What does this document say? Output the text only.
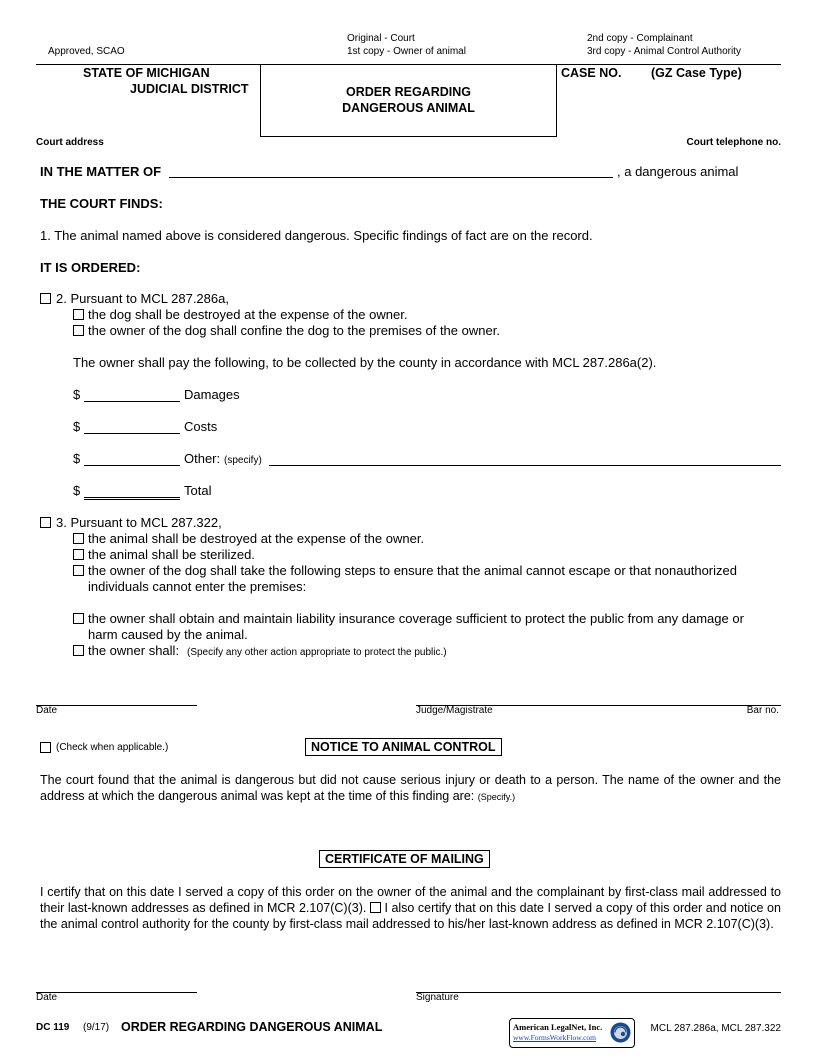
Approved, SCAO
Original - Court
1st copy - Owner of animal
2nd copy - Complainant
3rd copy - Animal Control Authority
STATE OF MICHIGAN
JUDICIAL DISTRICT	ORDER REGARDING
DANGEROUS ANIMAL
CASE NO. (GZ Case Type)
Court address	Court telephone no.
IN THE MATTER OF	, a dangerous animal
THE COURT FINDS:
1. The animal named above is considered dangerous. Specific findings of fact are on the record.
IT IS ORDERED:
2. Pursuant to MCL 287.286a,
the dog shall be destroyed at the expense of the owner.
the owner of the dog shall confine the dog to the premises of the owner.
The owner shall pay the following, to be collected by the county in accordance with MCL 287.286a(2).
$	Damages
$	Costs
$	Other: (specify)
$	Total
3. Pursuant to MCL 287.322,
the animal shall be destroyed at the expense of the owner.
the animal shall be sterilized.
the owner of the dog shall take the following steps to ensure that the animal cannot escape or that nonauthorized
individuals cannot enter the premises:
the owner shall obtain and maintain liability insurance coverage sufficient to protect the public from any damage or
harm caused by the animal.
the owner shall: (Specify any other action appropriate to protect the public.)
Date	Judge/Magistrate	Bar no.
(Check when applicable.)	NOTICE TO ANIMAL CONTROL
The court found that the animal is dangerous but did not cause serious injury or death to a person. The name of the owner and the address at which the dangerous animal was kept at the time of this finding are: (Specify.)
CERTIFICATE OF MAILING
I certify that on this date I served a copy of this order on the owner of the animal and the complainant by first-class mail addressed to their last-known addresses as defined in MCR 2.107(C)(3). I also certify that on this date I served a copy of this order and notice on the animal control authority for the county by first-class mail addressed to his/her last-known address as defined in MCR 2.107(C)(3).
Date	Signature
DC 119 (9/17) ORDER REGARDING DANGEROUS ANIMAL	American LegalNet, Inc.
www.FormsWorkFlow.com
MCL 287.286a, MCL 287.322
